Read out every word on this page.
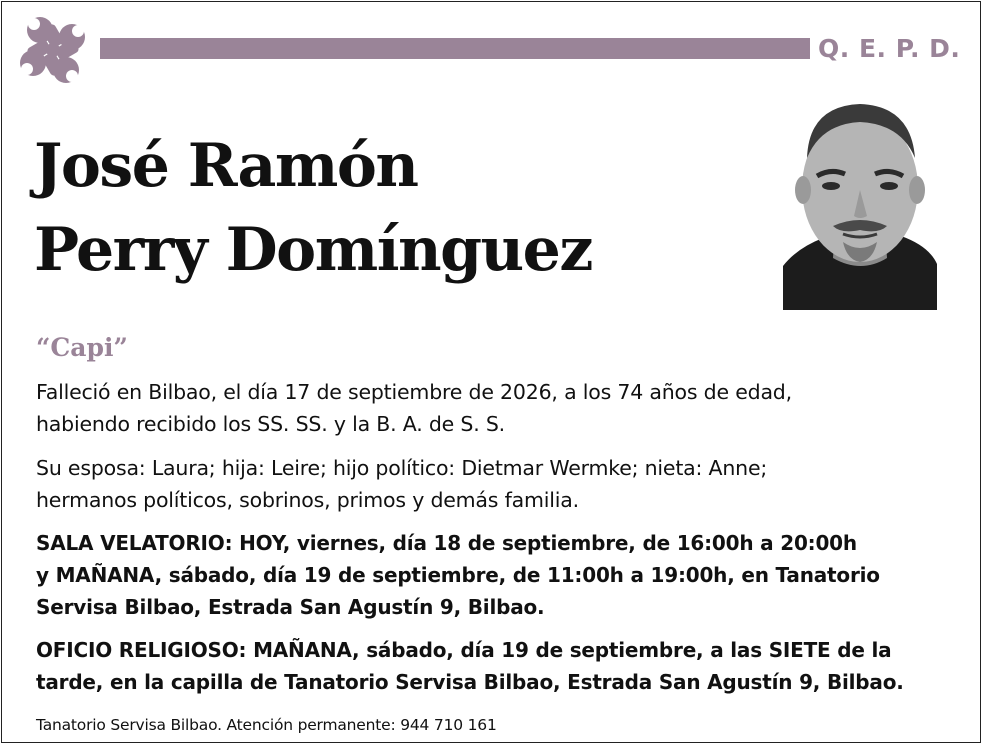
Q. E. P. D.
José Ramón
Perry Domínguez
“Capi”
Falleció en Bilbao, el día 17 de septiembre de 2026, a los 74 años de edad,
habiendo recibido los SS. SS. y la B. A. de S. S.
Su esposa: Laura; hija: Leire; hijo político: Dietmar Wermke; nieta: Anne;
hermanos políticos, sobrinos, primos y demás familia.
SALA VELATORIO: HOY, viernes, día 18 de septiembre, de 16:00h a 20:00h
y MAÑANA, sábado, día 19 de septiembre, de 11:00h a 19:00h, en Tanatorio
Servisa Bilbao, Estrada San Agustín 9, Bilbao.
OFICIO RELIGIOSO: MAÑANA, sábado, día 19 de septiembre, a las SIETE de la
tarde, en la capilla de Tanatorio Servisa Bilbao, Estrada San Agustín 9, Bilbao.
Tanatorio Servisa Bilbao. Atención permanente: 944 710 161
